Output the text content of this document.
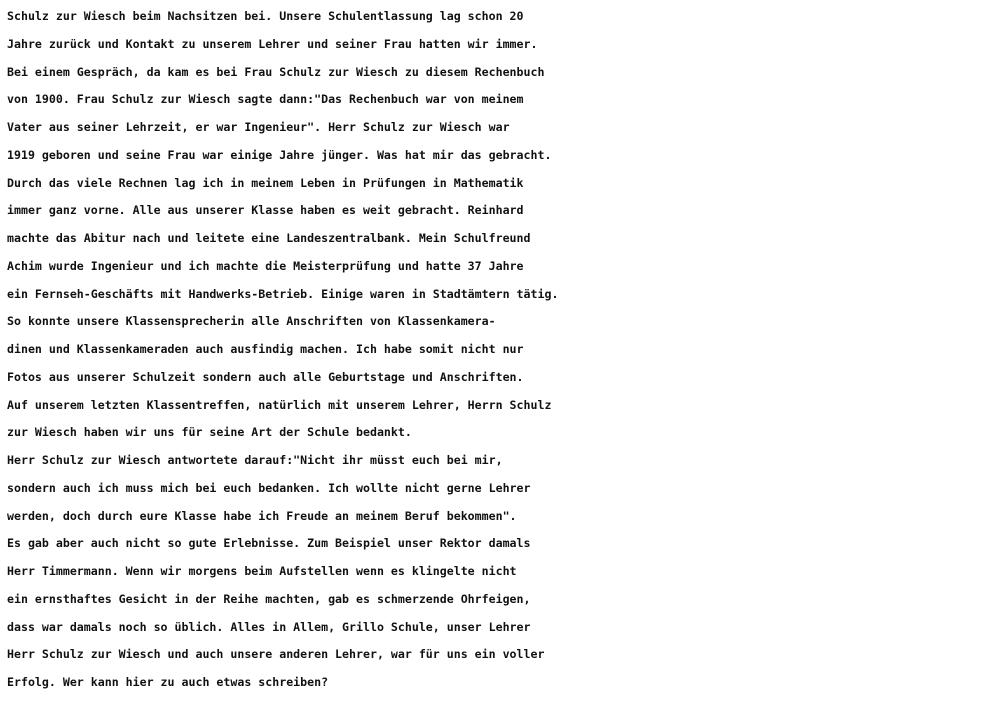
Schulz zur Wiesch beim Nachsitzen bei. Unsere Schulentlassung lag schon 20

Jahre zurück und Kontakt zu unserem Lehrer und seiner Frau hatten wir immer.

Bei einem Gespräch, da kam es bei Frau Schulz zur Wiesch zu diesem Rechenbuch

von 1900. Frau Schulz zur Wiesch sagte dann:"Das Rechenbuch war von meinem

Vater aus seiner Lehrzeit, er war Ingenieur". Herr Schulz zur Wiesch war

1919 geboren und seine Frau war einige Jahre jünger. Was hat mir das gebracht.

Durch das viele Rechnen lag ich in meinem Leben in Prüfungen in Mathematik

immer ganz vorne. Alle aus unserer Klasse haben es weit gebracht. Reinhard

machte das Abitur nach und leitete eine Landeszentralbank. Mein Schulfreund

Achim wurde Ingenieur und ich machte die Meisterprüfung und hatte 37 Jahre

ein Fernseh-Geschäfts mit Handwerks-Betrieb. Einige waren in Stadtämtern tätig.

So konnte unsere Klassensprecherin alle Anschriften von Klassenkamera-

dinen und Klassenkameraden auch ausfindig machen. Ich habe somit nicht nur

Fotos aus unserer Schulzeit sondern auch alle Geburtstage und Anschriften.

Auf unserem letzten Klassentreffen, natürlich mit unserem Lehrer, Herrn Schulz

zur Wiesch haben wir uns für seine Art der Schule bedankt.

Herr Schulz zur Wiesch antwortete darauf:"Nicht ihr müsst euch bei mir,

sondern auch ich muss mich bei euch bedanken. Ich wollte nicht gerne Lehrer

werden, doch durch eure Klasse habe ich Freude an meinem Beruf bekommen".

Es gab aber auch nicht so gute Erlebnisse. Zum Beispiel unser Rektor damals

Herr Timmermann. Wenn wir morgens beim Aufstellen wenn es klingelte nicht

ein ernsthaftes Gesicht in der Reihe machten, gab es schmerzende Ohrfeigen,

dass war damals noch so üblich. Alles in Allem, Grillo Schule, unser Lehrer

Herr Schulz zur Wiesch und auch unsere anderen Lehrer, war für uns ein voller

Erfolg. Wer kann hier zu auch etwas schreiben?
